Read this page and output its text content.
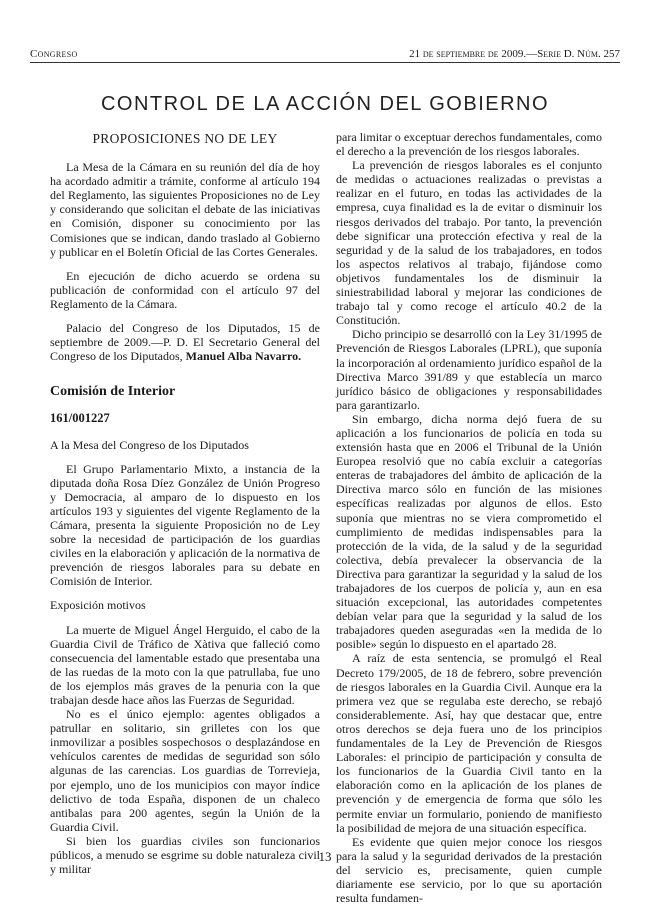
Congreso	21 de septiembre de 2009.—Serie D. Núm. 257
CONTROL DE LA ACCIÓN DEL GOBIERNO
PROPOSICIONES NO DE LEY

La Mesa de la Cámara en su reunión del día de hoy ha acordado admitir a trámite, conforme al artículo 194 del Reglamento, las siguientes Proposiciones no de Ley y considerando que solicitan el debate de las iniciativas en Comisión, disponer su conocimiento por las Comisiones que se indican, dando traslado al Gobierno y publicar en el Boletín Oficial de las Cortes Generales.

En ejecución de dicho acuerdo se ordena su publicación de conformidad con el artículo 97 del Reglamento de la Cámara.

Palacio del Congreso de los Diputados, 15 de septiembre de 2009.—P. D. El Secretario General del Congreso de los Diputados, Manuel Alba Navarro.

Comisión de Interior
161/001227

A la Mesa del Congreso de los Diputados

El Grupo Parlamentario Mixto, a instancia de la diputada doña Rosa Díez González de Unión Progreso y Democracia, al amparo de lo dispuesto en los artículos 193 y siguientes del vigente Reglamento de la Cámara, presenta la siguiente Proposición no de Ley sobre la necesidad de participación de los guardias civiles en la elaboración y aplicación de la normativa de prevención de riesgos laborales para su debate en Comisión de Interior.

Exposición motivos

La muerte de Miguel Ángel Herguido, el cabo de la Guardia Civil de Tráfico de Xàtiva que falleció como consecuencia del lamentable estado que presentaba una de las ruedas de la moto con la que patrullaba, fue uno de los ejemplos más graves de la penuria con la que trabajan desde hace años las Fuerzas de Seguridad.

No es el único ejemplo: agentes obligados a patrullar en solitario, sin grilletes con los que inmovilizar a posibles sospechosos o desplazándose en vehículos carentes de medidas de seguridad son sólo algunas de las carencias. Los guardias de Torrevieja, por ejemplo, uno de los municipios con mayor índice delictivo de toda España, disponen de un chaleco antibalas para 200 agentes, según la Unión de la Guardia Civil.

Si bien los guardias civiles son funcionarios públicos, a menudo se esgrime su doble naturaleza civil y militar

para limitar o exceptuar derechos fundamentales, como el derecho a la prevención de los riesgos laborales.

La prevención de riesgos laborales es el conjunto de medidas o actuaciones realizadas o previstas a realizar en el futuro, en todas las actividades de la empresa, cuya finalidad es la de evitar o disminuir los riesgos derivados del trabajo. Por tanto, la prevención debe significar una protección efectiva y real de la seguridad y de la salud de los trabajadores, en todos los aspectos relativos al trabajo, fijándose como objetivos fundamentales los de disminuir la siniestrabilidad laboral y mejorar las condiciones de trabajo tal y como recoge el artículo 40.2 de la Constitución.

Dicho principio se desarrolló con la Ley 31/1995 de Prevención de Riesgos Laborales (LPRL), que suponía la incorporación al ordenamiento jurídico español de la Directiva Marco 391/89 y que establecía un marco jurídico básico de obligaciones y responsabilidades para garantizarlo.

Sin embargo, dicha norma dejó fuera de su aplicación a los funcionarios de policía en toda su extensión hasta que en 2006 el Tribunal de la Unión Europea resolvió que no cabía excluir a categorías enteras de trabajadores del ámbito de aplicación de la Directiva marco sólo en función de las misiones específicas realizadas por algunos de ellos. Esto suponía que mientras no se viera comprometido el cumplimiento de medidas indispensables para la protección de la vida, de la salud y de la seguridad colectiva, debía prevalecer la observancia de la Directiva para garantizar la seguridad y la salud de los trabajadores de los cuerpos de policía y, aun en esa situación excepcional, las autoridades competentes debían velar para que la seguridad y la salud de los trabajadores queden aseguradas «en la medida de lo posible» según lo dispuesto en el apartado 28.

A raíz de esta sentencia, se promulgó el Real Decreto 179/2005, de 18 de febrero, sobre prevención de riesgos laborales en la Guardia Civil. Aunque era la primera vez que se regulaba este derecho, se rebajó considerablemente. Así, hay que destacar que, entre otros derechos se deja fuera uno de los principios fundamentales de la Ley de Prevención de Riesgos Laborales: el principio de participación y consulta de los funcionarios de la Guardia Civil tanto en la elaboración como en la aplicación de los planes de prevención y de emergencia de forma que sólo les permite enviar un formulario, poniendo de manifiesto la posibilidad de mejora de una situación específica.

Es evidente que quien mejor conoce los riesgos para la salud y la seguridad derivados de la prestación del servicio es, precisamente, quien cumple diariamente ese servicio, por lo que su aportación resulta fundamen-

13
